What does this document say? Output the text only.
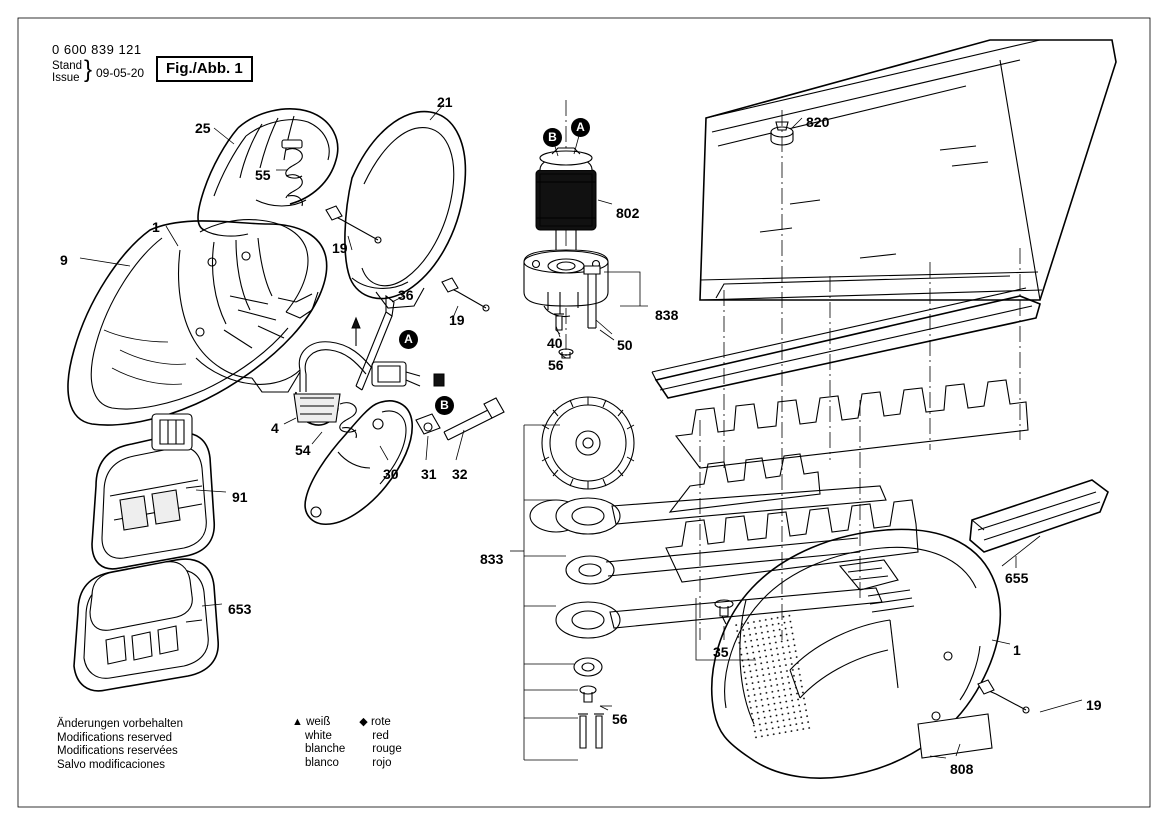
0 600 839 121
Stand
Issue } 09-05-20	Fig./Abb. 1
Änderungen vorbehalten
Modifications reserved
Modifications reservées
Salvo modificaciones
▲ weiß	◆ rote
white	red
blanche	rouge
blanco	rojo
9
1
25
55
21
19
19
36
4
54
30 31 32
91
653
802
838
40	50
56
833
56
35
820
655
1
19
808
B
A
A
B
